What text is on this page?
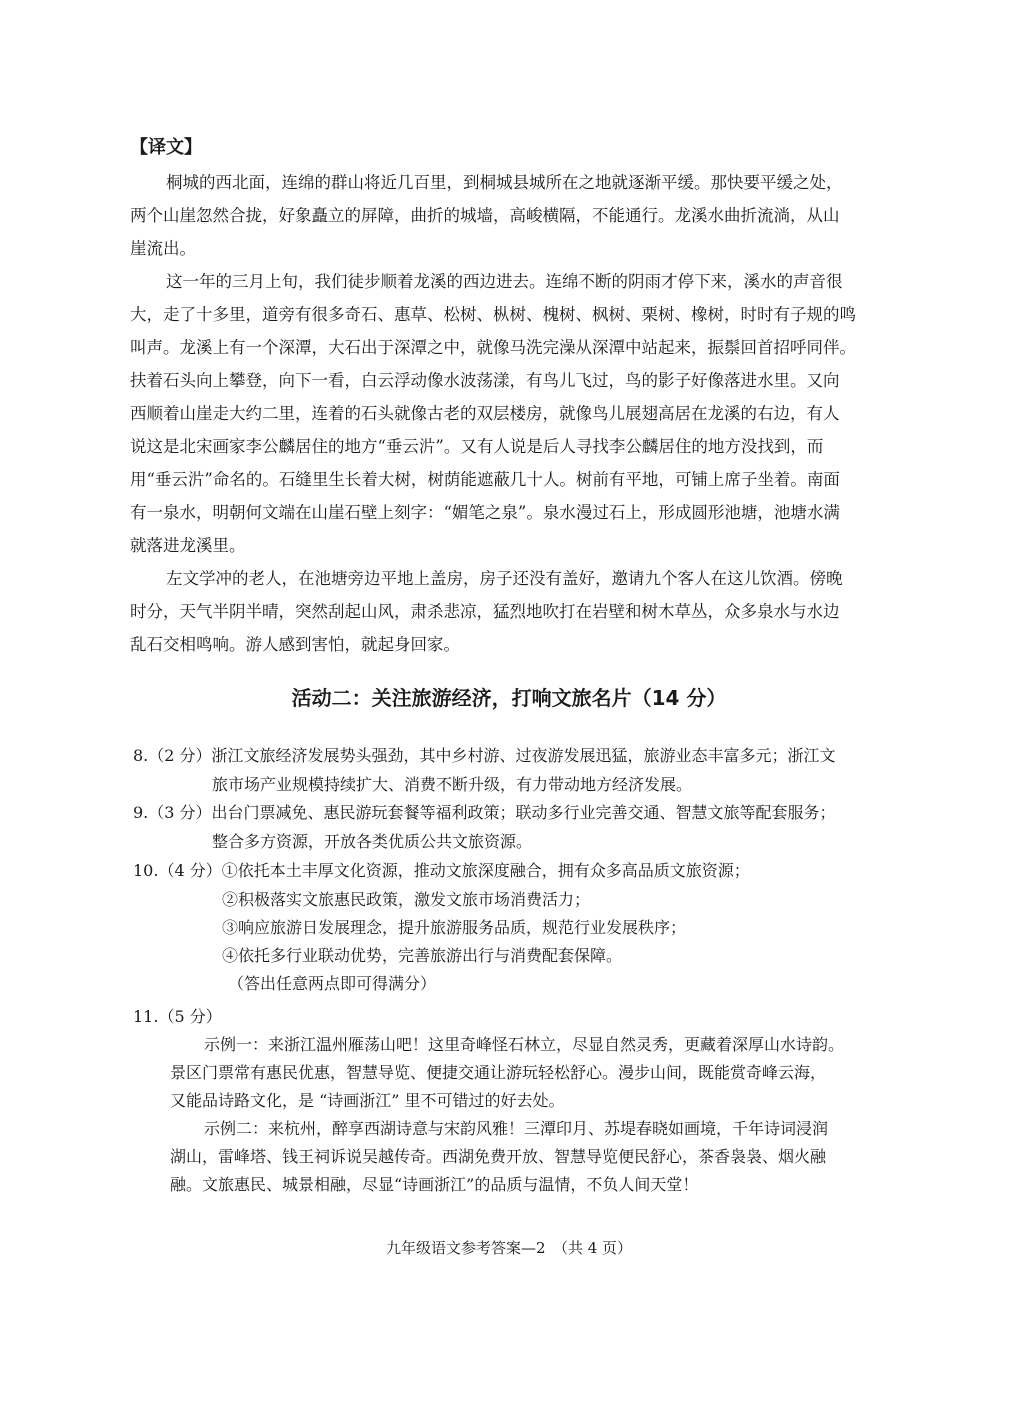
【译文】
桐城的西北面，连绵的群山将近几百里，到桐城县城所在之地就逐渐平缓。那快要平缓之处，
两个山崖忽然合拢，好象矗立的屏障，曲折的城墙，高峻横隔，不能通行。龙溪水曲折流淌，从山
崖流出。
这一年的三月上旬，我们徒步顺着龙溪的西边进去。连绵不断的阴雨才停下来，溪水的声音很
大，走了十多里，道旁有很多奇石、惠草、松树、枞树、槐树、枫树、栗树、橡树，时时有子规的鸣
叫声。龙溪上有一个深潭，大石出于深潭之中，就像马洗完澡从深潭中站起来，振鬃回首招呼同伴。
扶着石头向上攀登，向下一看，白云浮动像水波荡漾，有鸟儿飞过，鸟的影子好像落进水里。又向
西顺着山崖走大约二里，连着的石头就像古老的双层楼房，就像鸟儿展翅高居在龙溪的右边，有人
说这是北宋画家李公麟居住的地方“垂云沜”。又有人说是后人寻找李公麟居住的地方没找到，而
用“垂云沜”命名的。石缝里生长着大树，树荫能遮蔽几十人。树前有平地，可铺上席子坐着。南面
有一泉水，明朝何文端在山崖石壁上刻字：“媚笔之泉”。泉水漫过石上，形成圆形池塘，池塘水满
就落进龙溪里。
左文学冲的老人，在池塘旁边平地上盖房，房子还没有盖好，邀请九个客人在这儿饮酒。傍晚
时分，天气半阴半晴，突然刮起山风，肃杀悲凉，猛烈地吹打在岩壁和树木草丛，众多泉水与水边
乱石交相鸣响。游人感到害怕，就起身回家。
活动二：关注旅游经济，打响文旅名片（14 分）
8.（2 分）浙江文旅经济发展势头强劲，其中乡村游、过夜游发展迅猛，旅游业态丰富多元；浙江文
旅市场产业规模持续扩大、消费不断升级，有力带动地方经济发展。
9.（3 分）出台门票减免、惠民游玩套餐等福利政策；联动多行业完善交通、智慧文旅等配套服务；
整合多方资源，开放各类优质公共文旅资源。
10.（4 分）①依托本土丰厚文化资源，推动文旅深度融合，拥有众多高品质文旅资源；
②积极落实文旅惠民政策，激发文旅市场消费活力；
③响应旅游日发展理念，提升旅游服务品质，规范行业发展秩序；
④依托多行业联动优势，完善旅游出行与消费配套保障。
（答出任意两点即可得满分）
11.（5 分）
示例一：来浙江温州雁荡山吧！这里奇峰怪石林立，尽显自然灵秀，更藏着深厚山水诗韵。
景区门票常有惠民优惠，智慧导览、便捷交通让游玩轻松舒心。漫步山间，既能赏奇峰云海，
又能品诗路文化，是 “诗画浙江” 里不可错过的好去处。
示例二：来杭州，醉享西湖诗意与宋韵风雅！三潭印月、苏堤春晓如画境，千年诗词浸润
湖山，雷峰塔、钱王祠诉说吴越传奇。西湖免费开放、智慧导览便民舒心，茶香袅袅、烟火融
融。文旅惠民、城景相融，尽显“诗画浙江”的品质与温情，不负人间天堂！
九年级语文参考答案—2　（共 4 页）
